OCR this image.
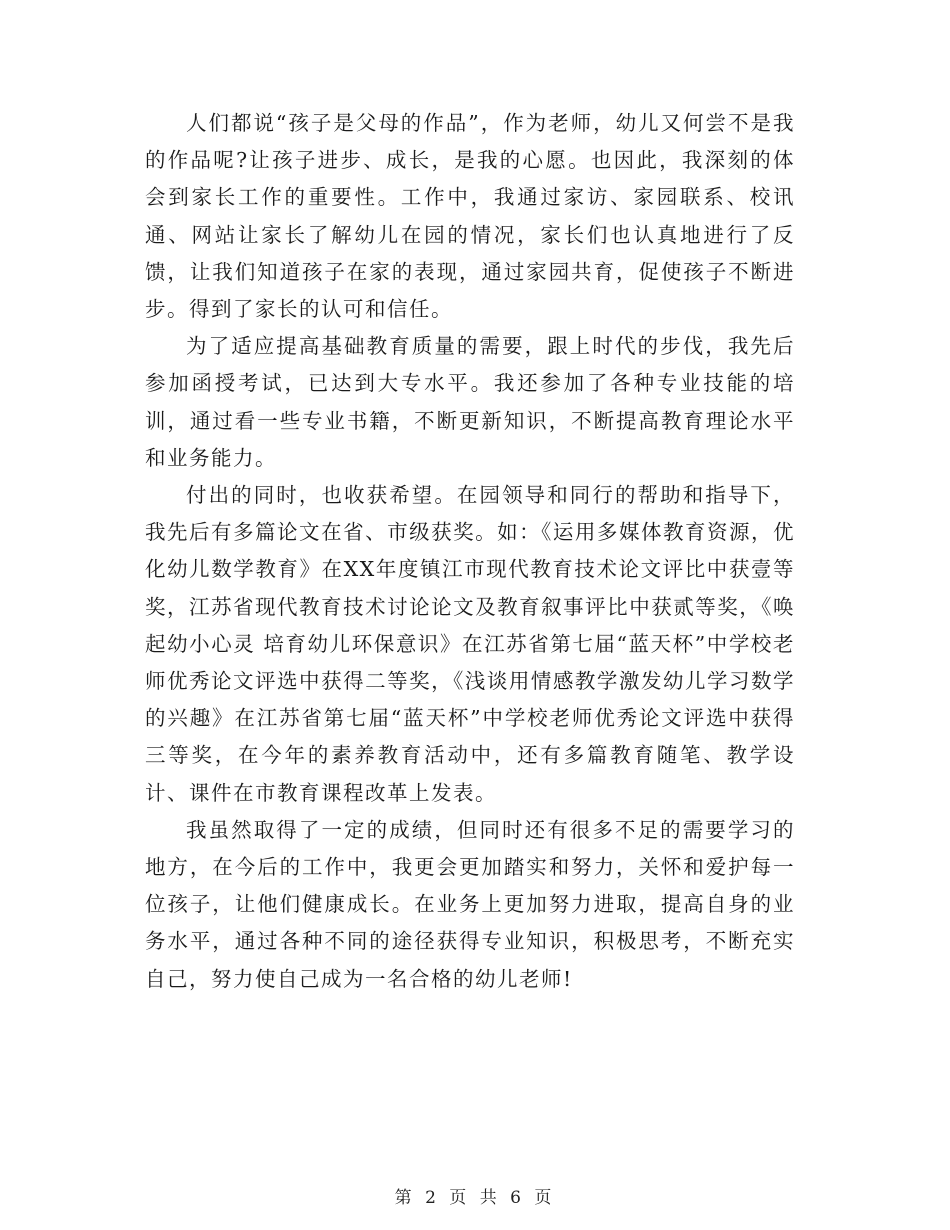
人们都说“孩子是父母的作品”，作为老师，幼儿又何尝不是我的作品呢?让孩子进步、成长，是我的心愿。也因此，我深刻的体会到家长工作的重要性。工作中，我通过家访、家园联系、校讯通、网站让家长了解幼儿在园的情况，家长们也认真地进行了反馈，让我们知道孩子在家的表现，通过家园共育，促使孩子不断进步。得到了家长的认可和信任。

为了适应提高基础教育质量的需要，跟上时代的步伐，我先后参加函授考试，已达到大专水平。我还参加了各种专业技能的培训，通过看一些专业书籍，不断更新知识，不断提高教育理论水平和业务能力。

付出的同时，也收获希望。在园领导和同行的帮助和指导下，我先后有多篇论文在省、市级获奖。如：《运用多媒体教育资源，优化幼儿数学教育》在XX年度镇江市现代教育技术论文评比中获壹等奖，江苏省现代教育技术讨论论文及教育叙事评比中获贰等奖，《唤起幼小心灵 培育幼儿环保意识》在江苏省第七届“蓝天杯”中学校老师优秀论文评选中获得二等奖，《浅谈用情感教学激发幼儿学习数学的兴趣》在江苏省第七届“蓝天杯”中学校老师优秀论文评选中获得三等奖，在今年的素养教育活动中，还有多篇教育随笔、教学设计、课件在市教育课程改革上发表。

我虽然取得了一定的成绩，但同时还有很多不足的需要学习的地方，在今后的工作中，我更会更加踏实和努力，关怀和爱护每一位孩子，让他们健康成长。在业务上更加努力进取，提高自身的业务水平，通过各种不同的途径获得专业知识，积极思考，不断充实自己，努力使自己成为一名合格的幼儿老师!

第 2 页 共 6 页
